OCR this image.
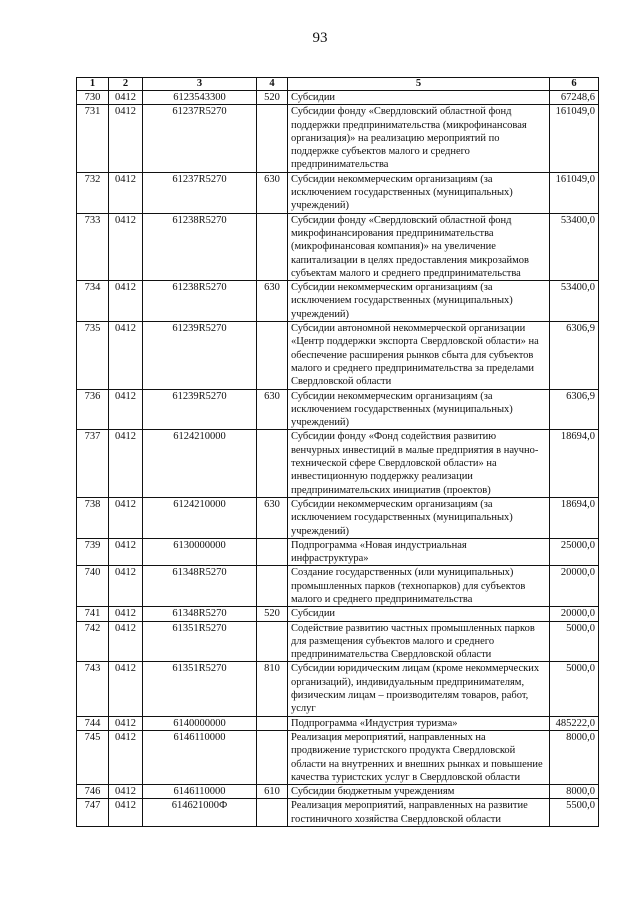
93
1	2	3	4	5	6
730	0412	6123543300	520	Субсидии	67248,6
731	0412	61237R5270		Субсидии фонду «Свердловский областной фонд поддержки предпринимательства (микрофинансовая организация)» на реализацию мероприятий по поддержке субъектов малого и среднего предпринимательства	161049,0
732	0412	61237R5270	630	Субсидии некоммерческим организациям (за исключением государственных (муниципальных) учреждений)	161049,0
733	0412	61238R5270		Субсидии фонду «Свердловский областной фонд микрофинансирования предпринимательства (микрофинансовая компания)» на увеличение капитализации в целях предоставления микрозаймов субъектам малого и среднего предпринимательства	53400,0
734	0412	61238R5270	630	Субсидии некоммерческим организациям (за исключением государственных (муниципальных) учреждений)	53400,0
735	0412	61239R5270		Субсидии автономной некоммерческой организации «Центр поддержки экспорта Свердловской области» на обеспечение расширения рынков сбыта для субъектов малого и среднего предпринимательства за пределами Свердловской области	6306,9
736	0412	61239R5270	630	Субсидии некоммерческим организациям (за исключением государственных (муниципальных) учреждений)	6306,9
737	0412	6124210000		Субсидии фонду «Фонд содействия развитию венчурных инвестиций в малые предприятия в научно-технической сфере Свердловской области» на инвестиционную поддержку реализации предпринимательских инициатив (проектов)	18694,0
738	0412	6124210000	630	Субсидии некоммерческим организациям (за исключением государственных (муниципальных) учреждений)	18694,0
739	0412	6130000000		Подпрограмма «Новая индустриальная инфраструктура»	25000,0
740	0412	61348R5270		Создание государственных (или муниципальных) промышленных парков (технопарков) для субъектов малого и среднего предпринимательства	20000,0
741	0412	61348R5270	520	Субсидии	20000,0
742	0412	61351R5270		Содействие развитию частных промышленных парков для размещения субъектов малого и среднего предпринимательства Свердловской области	5000,0
743	0412	61351R5270	810	Субсидии юридическим лицам (кроме некоммерческих организаций), индивидуальным предпринимателям, физическим лицам – производителям товаров, работ, услуг	5000,0
744	0412	6140000000		Подпрограмма «Индустрия туризма»	485222,0
745	0412	6146110000		Реализация мероприятий, направленных на продвижение туристского продукта Свердловской области на внутренних и внешних рынках и повышение качества туристских услуг в Свердловской области	8000,0
746	0412	6146110000	610	Субсидии бюджетным учреждениям	8000,0
747	0412	614621000Ф		Реализация мероприятий, направленных на развитие гостиничного хозяйства Свердловской области	5500,0
